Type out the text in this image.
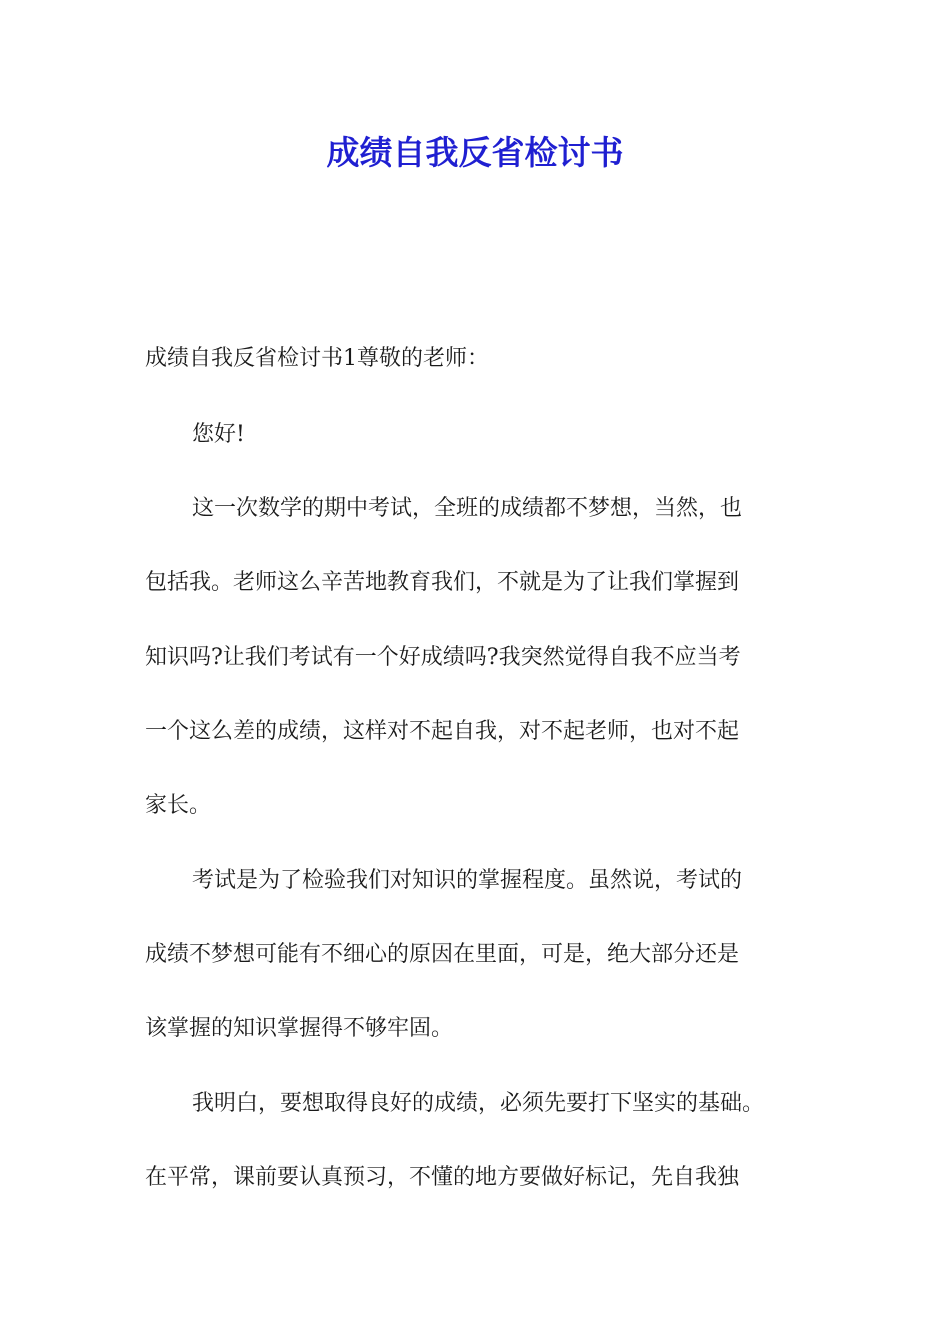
成绩自我反省检讨书
成绩自我反省检讨书1尊敬的老师：
您好!
这一次数学的期中考试，全班的成绩都不梦想，当然，也
包括我。老师这么辛苦地教育我们，不就是为了让我们掌握到
知识吗?让我们考试有一个好成绩吗?我突然觉得自我不应当考
一个这么差的成绩，这样对不起自我，对不起老师，也对不起
家长。
考试是为了检验我们对知识的掌握程度。虽然说，考试的
成绩不梦想可能有不细心的原因在里面，可是，绝大部分还是
该掌握的知识掌握得不够牢固。
我明白，要想取得良好的成绩，必须先要打下坚实的基础。
在平常，课前要认真预习，不懂的地方要做好标记，先自我独
